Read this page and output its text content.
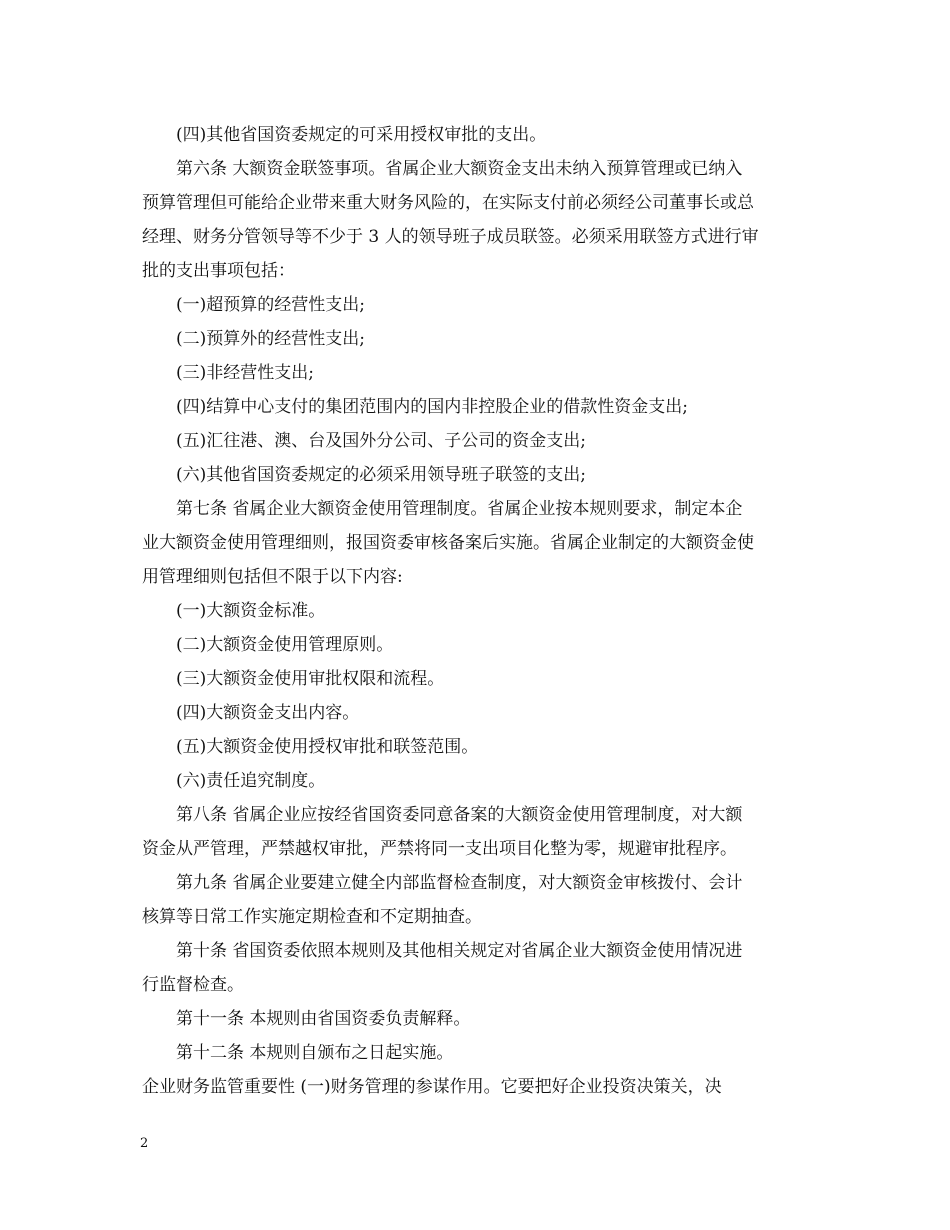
(四)其他省国资委规定的可采用授权审批的支出。
第六条 大额资金联签事项。省属企业大额资金支出未纳入预算管理或已纳入
预算管理但可能给企业带来重大财务风险的，在实际支付前必须经公司董事长或总
经理、财务分管领导等不少于 3 人的领导班子成员联签。必须采用联签方式进行审
批的支出事项包括：
(一)超预算的经营性支出;
(二)预算外的经营性支出;
(三)非经营性支出;
(四)结算中心支付的集团范围内的国内非控股企业的借款性资金支出;
(五)汇往港、澳、台及国外分公司、子公司的资金支出;
(六)其他省国资委规定的必须采用领导班子联签的支出;
第七条 省属企业大额资金使用管理制度。省属企业按本规则要求，制定本企
业大额资金使用管理细则，报国资委审核备案后实施。省属企业制定的大额资金使
用管理细则包括但不限于以下内容:
(一)大额资金标准。
(二)大额资金使用管理原则。
(三)大额资金使用审批权限和流程。
(四)大额资金支出内容。
(五)大额资金使用授权审批和联签范围。
(六)责任追究制度。
第八条 省属企业应按经省国资委同意备案的大额资金使用管理制度，对大额
资金从严管理，严禁越权审批，严禁将同一支出项目化整为零，规避审批程序。
第九条 省属企业要建立健全内部监督检查制度，对大额资金审核拨付、会计
核算等日常工作实施定期检查和不定期抽查。
第十条 省国资委依照本规则及其他相关规定对省属企业大额资金使用情况进
行监督检查。
第十一条 本规则由省国资委负责解释。
第十二条 本规则自颁布之日起实施。
企业财务监管重要性 (一)财务管理的参谋作用。它要把好企业投资决策关，决
2
